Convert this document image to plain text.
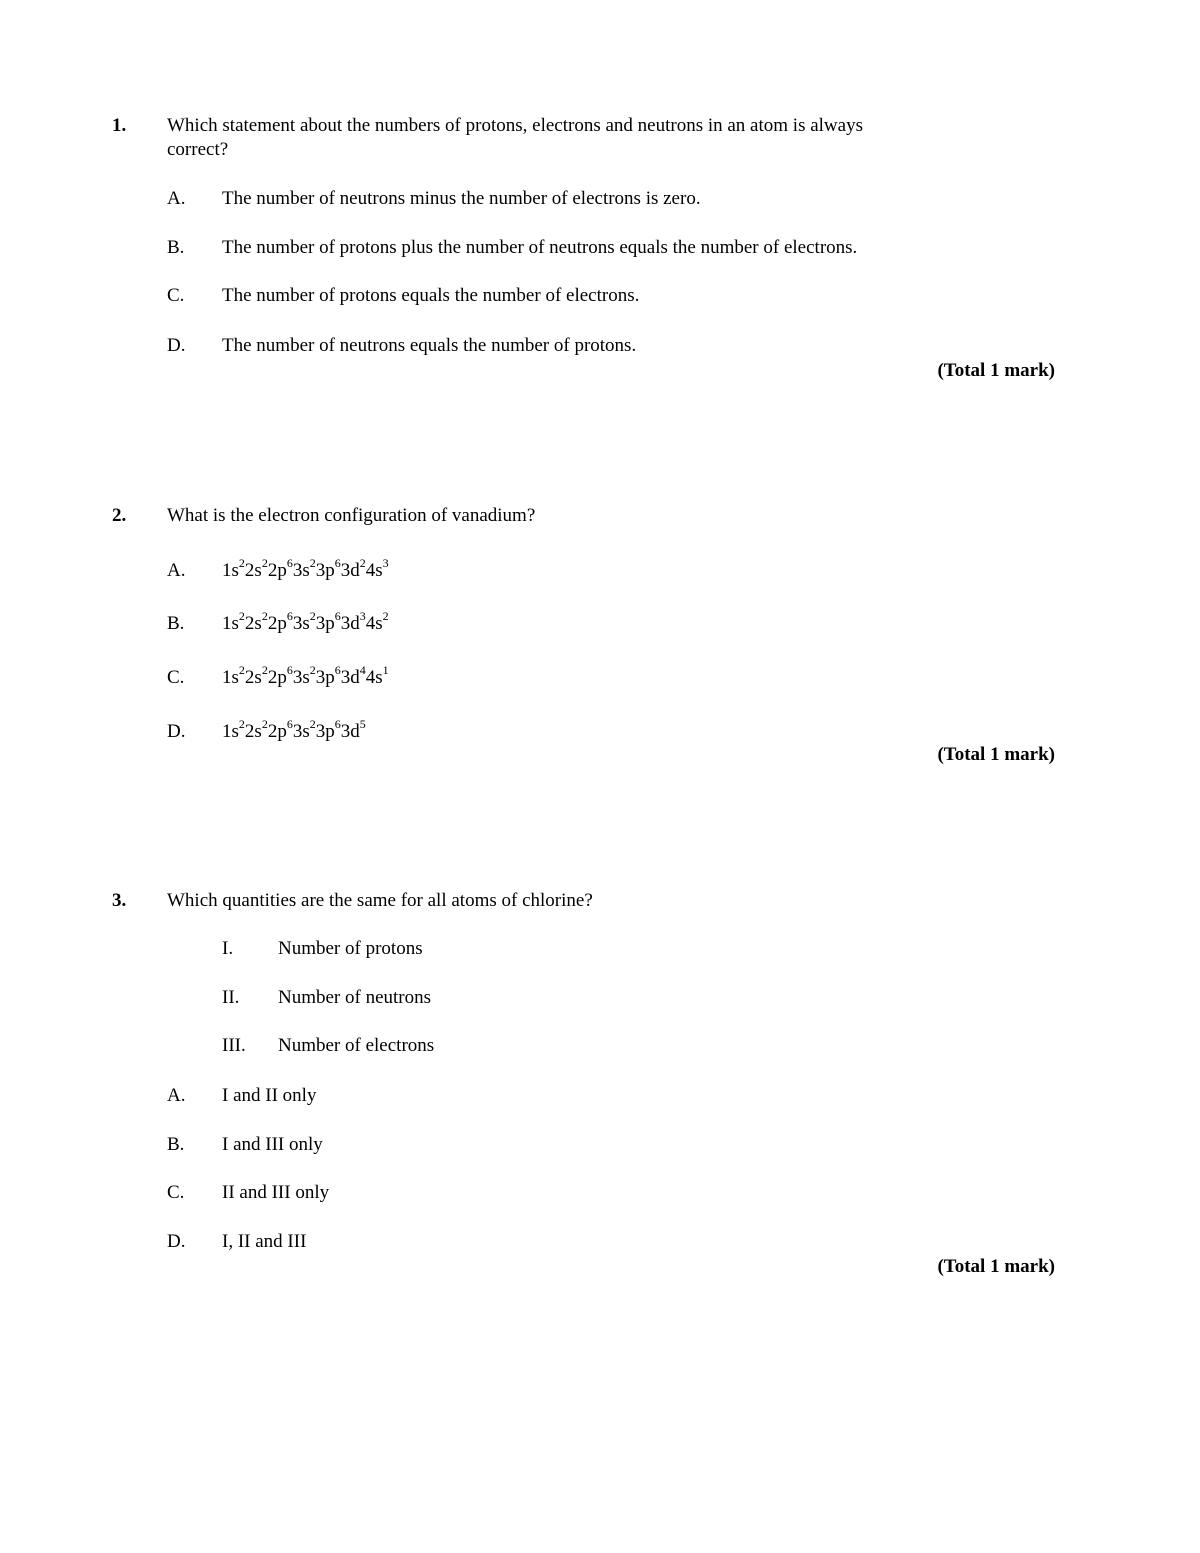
1. Which statement about the numbers of protons, electrons and neutrons in an atom is always
correct?
A. The number of neutrons minus the number of electrons is zero.
B. The number of protons plus the number of neutrons equals the number of electrons.
C. The number of protons equals the number of electrons.
D. The number of neutrons equals the number of protons.
(Total 1 mark)
2. What is the electron configuration of vanadium?
A. $1s^22s^22p^63s^23p^63d^24s^3$
B. $1s^22s^22p^63s^23p^63d^34s^2$
C. $1s^22s^22p^63s^23p^63d^44s^1$
D. $1s^22s^22p^63s^23p^63d^5$
(Total 1 mark)
3. Which quantities are the same for all atoms of chlorine?
I. Number of protons
II. Number of neutrons
III. Number of electrons
A. I and II only
B. I and III only
C. II and III only
D. I, II and III
(Total 1 mark)
